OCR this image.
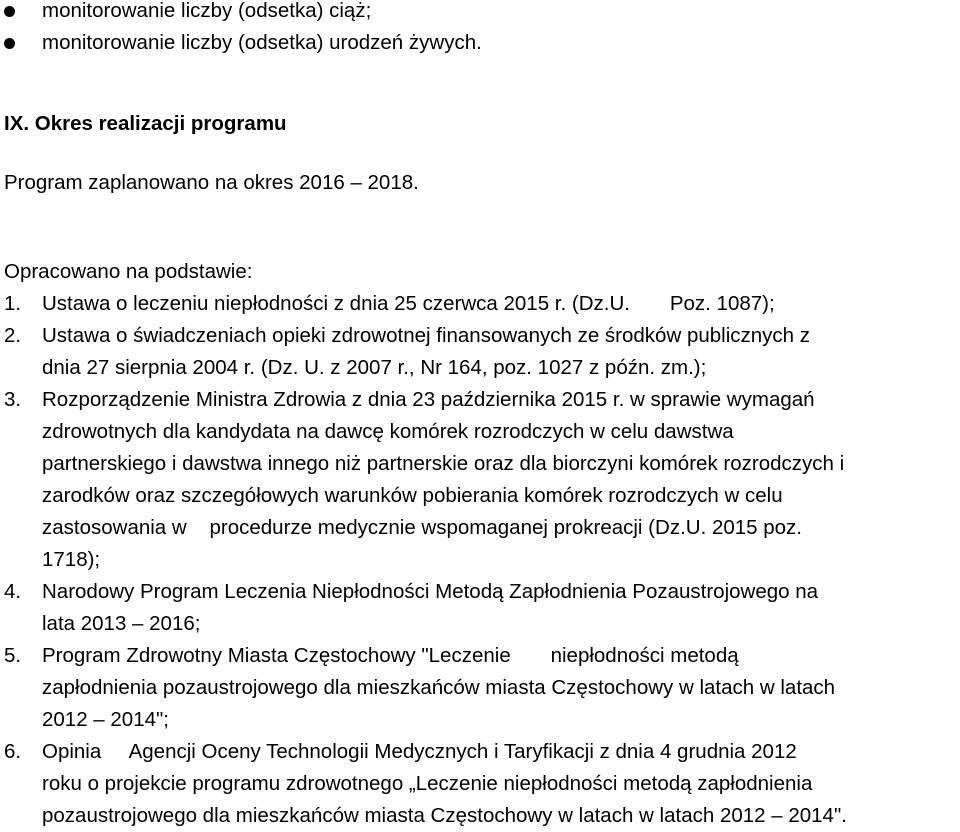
monitorowanie liczby (odsetka) ciąż;
monitorowanie liczby (odsetka) urodzeń żywych.
IX. Okres realizacji programu
Program zaplanowano na okres 2016 – 2018.
Opracowano na podstawie:
1. Ustawa o leczeniu niepłodności z dnia 25 czerwca 2015 r. (Dz.U.       Poz. 1087);
2. Ustawa o świadczeniach opieki zdrowotnej finansowanych ze środków publicznych z
dnia 27 sierpnia 2004 r. (Dz. U. z 2007 r., Nr 164, poz. 1027 z późn. zm.);
3. Rozporządzenie Ministra Zdrowia z dnia 23 października 2015 r. w sprawie wymagań
zdrowotnych dla kandydata na dawcę komórek rozrodczych w celu dawstwa
partnerskiego i dawstwa innego niż partnerskie oraz dla biorczyni komórek rozrodczych i
zarodków oraz szczegółowych warunków pobierania komórek rozrodczych w celu
zastosowania w    procedurze medycznie wspomaganej prokreacji (Dz.U. 2015 poz.
1718);
4. Narodowy Program Leczenia Niepłodności Metodą Zapłodnienia Pozaustrojowego na
lata 2013 – 2016;
5. Program Zdrowotny Miasta Częstochowy "Leczenie       niepłodności metodą
zapłodnienia pozaustrojowego dla mieszkańców miasta Częstochowy w latach w latach
2012 – 2014";
6. Opinia     Agencji Oceny Technologii Medycznych i Taryfikacji z dnia 4 grudnia 2012
roku o projekcie programu zdrowotnego „Leczenie niepłodności metodą zapłodnienia
pozaustrojowego dla mieszkańców miasta Częstochowy w latach w latach 2012 – 2014".
